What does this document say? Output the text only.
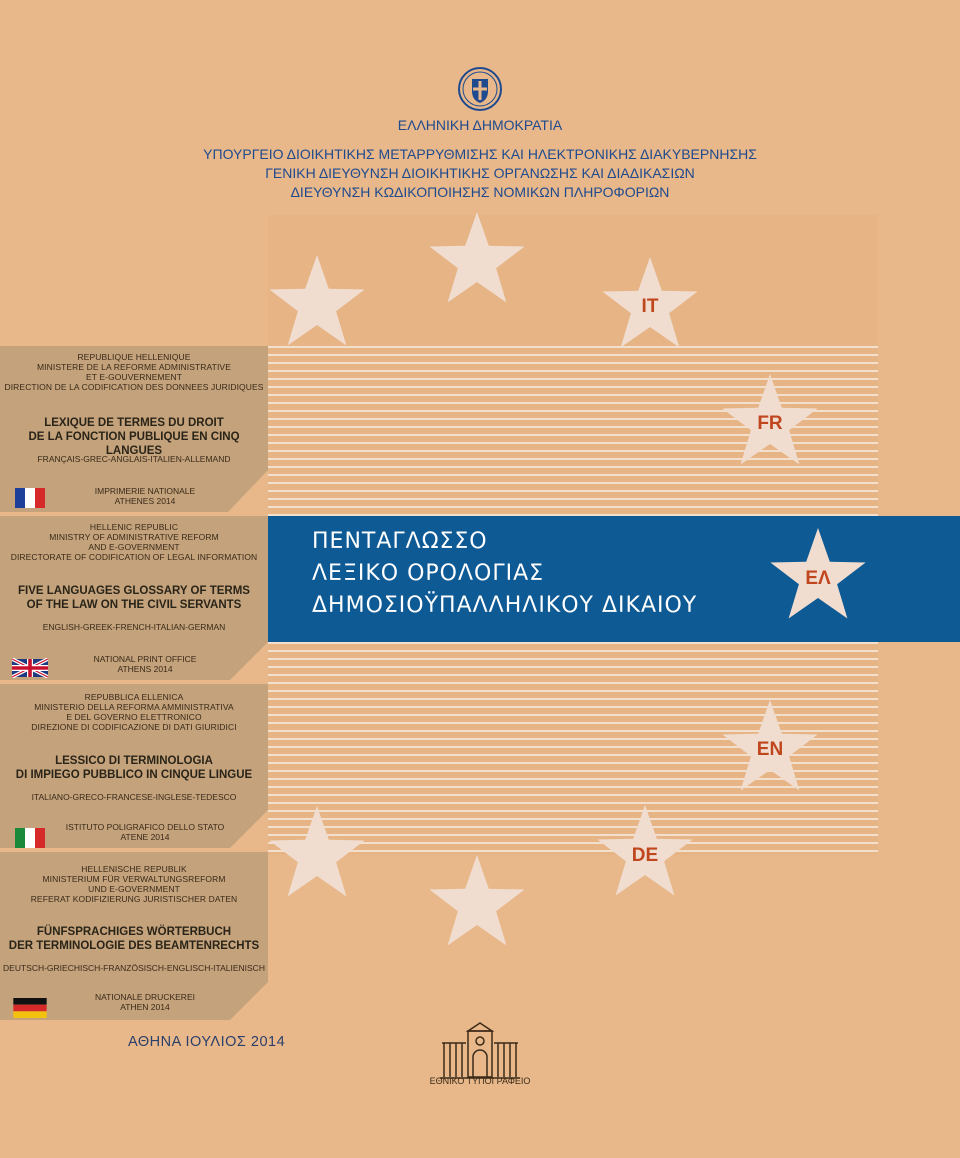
ΕΛΛΗΝΙΚΗ ΔΗΜΟΚΡΑΤΙΑ
ΥΠΟΥΡΓΕΙΟ ΔΙΟΙΚΗΤΙΚΗΣ ΜΕΤΑΡΡΥΘΜΙΣΗΣ ΚΑΙ ΗΛΕΚΤΡΟΝΙΚΗΣ ΔΙΑΚΥΒΕΡΝΗΣΗΣ
ΓΕΝΙΚΗ ΔΙΕΥΘΥΝΣΗ ΔΙΟΙΚΗΤΙΚΗΣ ΟΡΓΑΝΩΣΗΣ ΚΑΙ ΔΙΑΔΙΚΑΣΙΩΝ
ΔΙΕΥΘΥΝΣΗ ΚΩΔΙΚΟΠΟΙΗΣΗΣ ΝΟΜΙΚΩΝ ΠΛΗΡΟΦΟΡΙΩΝ
REPUBLIQUE HELLENIQUE
MINISTERE DE LA REFORME ADMINISTRATIVE
ET E-GOUVERNEMENT
DIRECTION DE LA CODIFICATION DES DONNEES JURIDIQUES
LEXIQUE DE TERMES DU DROIT
DE LA FONCTION PUBLIQUE EN CINQ LANGUES
FRANÇAIS-GREC-ANGLAIS-ITALIEN-ALLEMAND
IMPRIMERIE NATIONALE
ATHENES 2014
HELLENIC REPUBLIC
MINISTRY OF ADMINISTRATIVE REFORM
AND E-GOVERNMENT
DIRECTORATE OF CODIFICATION OF LEGAL INFORMATION
FIVE LANGUAGES GLOSSARY OF TERMS
OF THE LAW ON THE CIVIL SERVANTS
ENGLISH-GREEK-FRENCH-ITALIAN-GERMAN
NATIONAL PRINT OFFICE
ATHENS 2014
REPUBBLICA ELLENICA
MINISTERIO DELLA REFORMA AMMINISTRATIVA
E DEL GOVERNO ELETTRONICO
DIREZIONE DI CODIFICAZIONE DI DATI GIURIDICI
LESSICO DI TERMINOLOGIA
DI IMPIEGO PUBBLICO IN CINQUE LINGUE
ITALIANO-GRECO-FRANCESE-INGLESE-TEDESCO
ISTITUTO POLIGRAFICO DELLO STATO
ATENE 2014
HELLENISCHE REPUBLIK
MINISTERIUM FÜR VERWALTUNGSREFORM
UND E-GOVERNMENT
REFERAT KODIFIZIERUNG JURISTISCHER DATEN
FÜNFSPRACHIGES WÖRTERBUCH
DER TERMINOLOGIE DES BEAMTENRECHTS
DEUTSCH-GRIECHISCH-FRANZÖSISCH-ENGLISCH-ITALIENISCH
NATIONALE DRUCKEREI
ATHEN 2014
ΠΕΝΤΑΓΛΩΣΣΟ
ΛΕΞΙΚΟ ΟΡΟΛΟΓΙΑΣ
ΔΗΜΟΣΙΟΫΠΑΛΛΗΛΙΚΟΥ ΔΙΚΑΙΟΥ
IT
FR
ΕΛ
EN
DE
ΑΘΗΝΑ ΙΟΥΛΙΟΣ 2014
ΕΘΝΙΚΟ ΤΥΠΟΓΡΑΦΕΙΟ
